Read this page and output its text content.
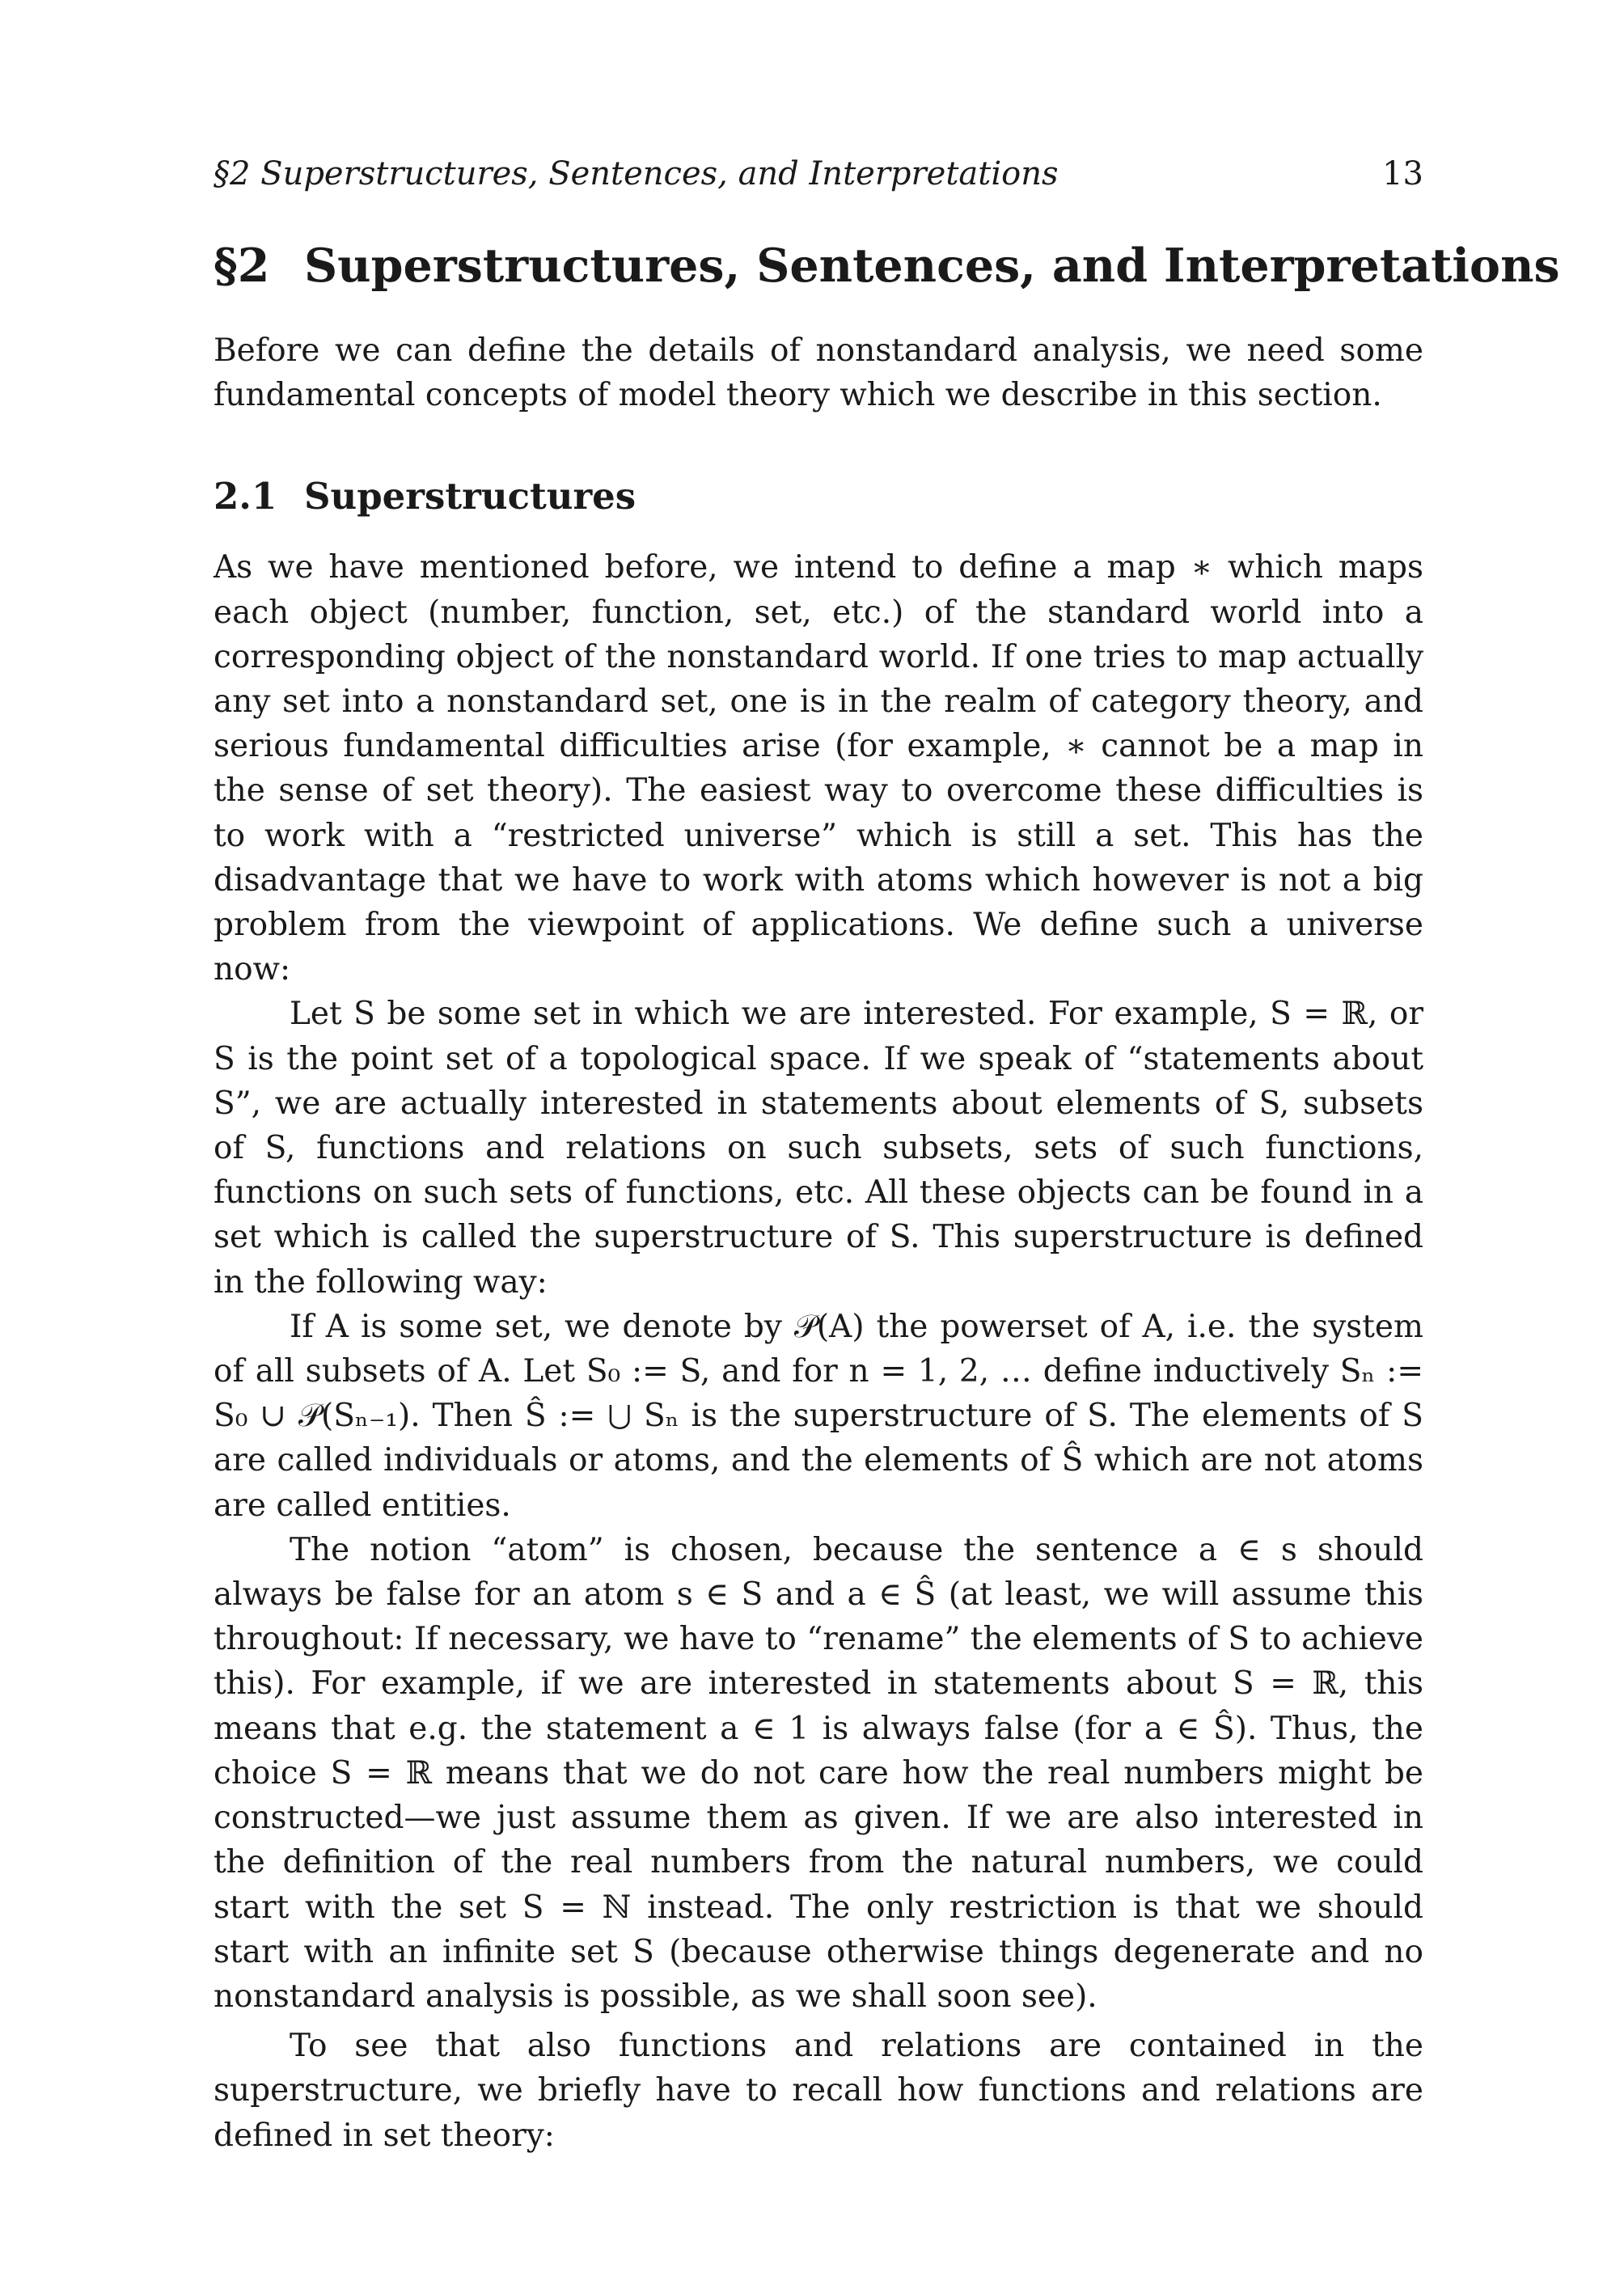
§2 Superstructures, Sentences, and Interpretations	13
§2 Superstructures, Sentences, and Interpretations

Before we can define the details of nonstandard analysis, we need some fundamental concepts of model theory which we describe in this section.

2.1 Superstructures

As we have mentioned before, we intend to define a map ∗ which maps each object (number, function, set, etc.) of the standard world into a corresponding object of the nonstandard world. If one tries to map actually any set into a nonstandard set, one is in the realm of category theory, and serious fundamental difficulties arise (for example, ∗ cannot be a map in the sense of set theory). The easiest way to overcome these difficulties is to work with a “restricted universe” which is still a set. This has the disadvantage that we have to work with atoms which however is not a big problem from the viewpoint of applications. We define such a universe now:

Let S be some set in which we are interested. For example, S = ℝ, or S is the point set of a topological space. If we speak of “statements about S”, we are actually interested in statements about elements of S, subsets of S, functions and relations on such subsets, sets of such functions, functions on such sets of functions, etc. All these objects can be found in a set which is called the superstructure of S. This superstructure is defined in the following way:

If A is some set, we denote by 𝒫(A) the powerset of A, i.e. the system of all subsets of A. Let S₀ := S, and for n = 1, 2, … define inductively Sₙ := S₀ ∪ 𝒫(Sₙ₋₁). Then Ŝ := ⋃ Sₙ is the superstructure of S. The elements of S are called individuals or atoms, and the elements of Ŝ which are not atoms are called entities.

The notion “atom” is chosen, because the sentence a ∈ s should always be false for an atom s ∈ S and a ∈ Ŝ (at least, we will assume this throughout: If necessary, we have to “rename” the elements of S to achieve this). For example, if we are interested in statements about S = ℝ, this means that e.g. the statement a ∈ 1 is always false (for a ∈ Ŝ). Thus, the choice S = ℝ means that we do not care how the real numbers might be constructed—we just assume them as given. If we are also interested in the definition of the real numbers from the natural numbers, we could start with the set S = ℕ instead. The only restriction is that we should start with an infinite set S (because otherwise things degenerate and no nonstandard analysis is possible, as we shall soon see).

To see that also functions and relations are contained in the superstructure, we briefly have to recall how functions and relations are defined in set theory:
